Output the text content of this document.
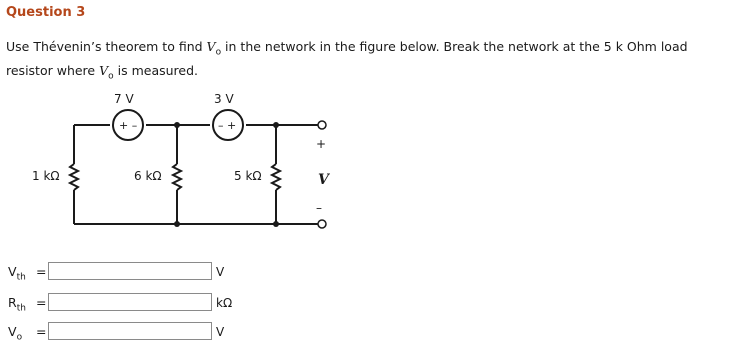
Question 3
Use Thévenin’s theorem to find $V_o$ in the network in the figure below. Break the network at the 5 k Ohm load resistor where $V_o$ is measured.
7 V	3 V
+ –	– +
1 kΩ	6 kΩ	5 kΩ
+
–
V
$V_{th}$ =	V
$R_{th}$ =	kΩ
$V_o$ =	V
